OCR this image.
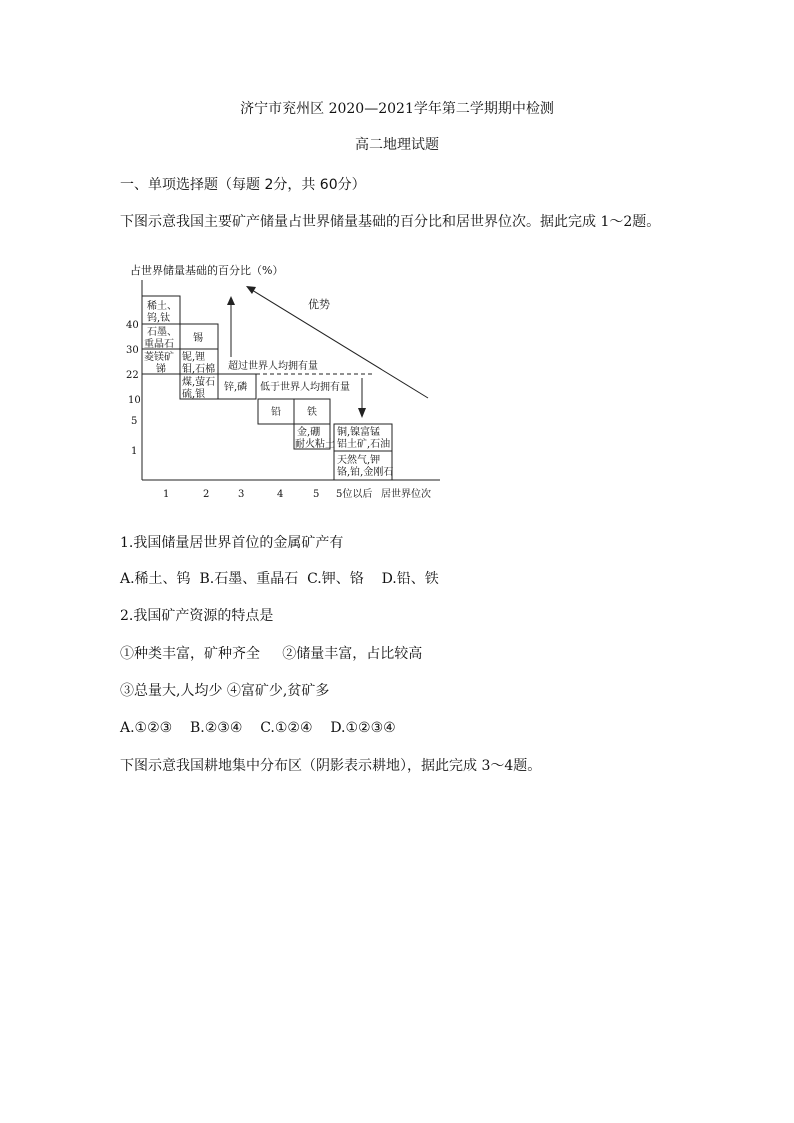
济宁市兖州区 2020—2021学年第二学期期中检测
高二地理试题
一、单项选择题（每题 2分，共 60分）
下图示意我国主要矿产储量占世界储量基础的百分比和居世界位次。据此完成 1～2题。
占世界储量基础的百分比（%）
40
30
22
10
5
1
1	2	3	4	5 5位以后 居世界位次
稀土、
钨,钛
石墨、
重晶石
菱镁矿
锑
锡
铌,锂
钼,石棉
煤,萤石
硫,银
锌,磷
铅	铁
金,硼
耐火粘土
铜,镍富锰
铝土矿,石油
天然气,钾
铬,铂,金刚石
超过世界人均拥有量
低于世界人均拥有量
优势
1.我国储量居世界首位的金属矿产有
A.稀土、钨  B.石墨、重晶石  C.钾、铬    D.铅、铁
2.我国矿产资源的特点是
①种类丰富，矿种齐全     ②储量丰富，占比较高
③总量大,人均少 ④富矿少,贫矿多
A.①②③    B.②③④    C.①②④    D.①②③④
下图示意我国耕地集中分布区（阴影表示耕地），据此完成 3～4题。
